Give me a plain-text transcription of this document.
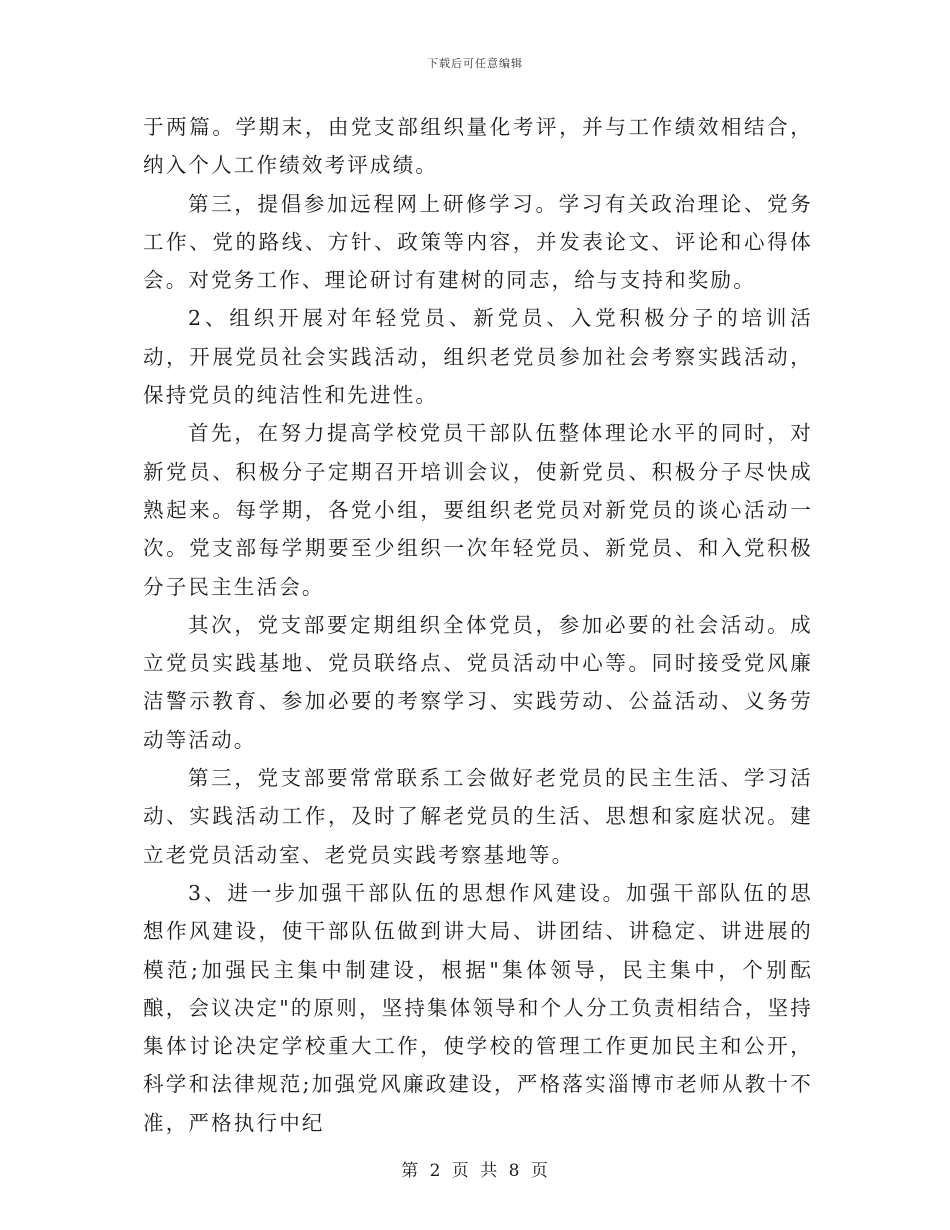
下载后可任意编辑

于两篇。学期末，由党支部组织量化考评，并与工作绩效相结合，纳入个人工作绩效考评成绩。

第三，提倡参加远程网上研修学习。学习有关政治理论、党务工作、党的路线、方针、政策等内容，并发表论文、评论和心得体会。对党务工作、理论研讨有建树的同志，给与支持和奖励。

2、组织开展对年轻党员、新党员、入党积极分子的培训活动，开展党员社会实践活动，组织老党员参加社会考察实践活动，保持党员的纯洁性和先进性。

首先，在努力提高学校党员干部队伍整体理论水平的同时，对新党员、积极分子定期召开培训会议，使新党员、积极分子尽快成熟起来。每学期，各党小组，要组织老党员对新党员的谈心活动一次。党支部每学期要至少组织一次年轻党员、新党员、和入党积极分子民主生活会。

其次，党支部要定期组织全体党员，参加必要的社会活动。成立党员实践基地、党员联络点、党员活动中心等。同时接受党风廉洁警示教育、参加必要的考察学习、实践劳动、公益活动、义务劳动等活动。

第三，党支部要常常联系工会做好老党员的民主生活、学习活动、实践活动工作，及时了解老党员的生活、思想和家庭状况。建立老党员活动室、老党员实践考察基地等。

3、进一步加强干部队伍的思想作风建设。加强干部队伍的思想作风建设，使干部队伍做到讲大局、讲团结、讲稳定、讲进展的模范;加强民主集中制建设，根据"集体领导，民主集中，个别酝酿，会议决定"的原则，坚持集体领导和个人分工负责相结合，坚持集体讨论决定学校重大工作，使学校的管理工作更加民主和公开，科学和法律规范;加强党风廉政建设，严格落实淄博市老师从教十不准，严格执行中纪

第 2 页 共 8 页
